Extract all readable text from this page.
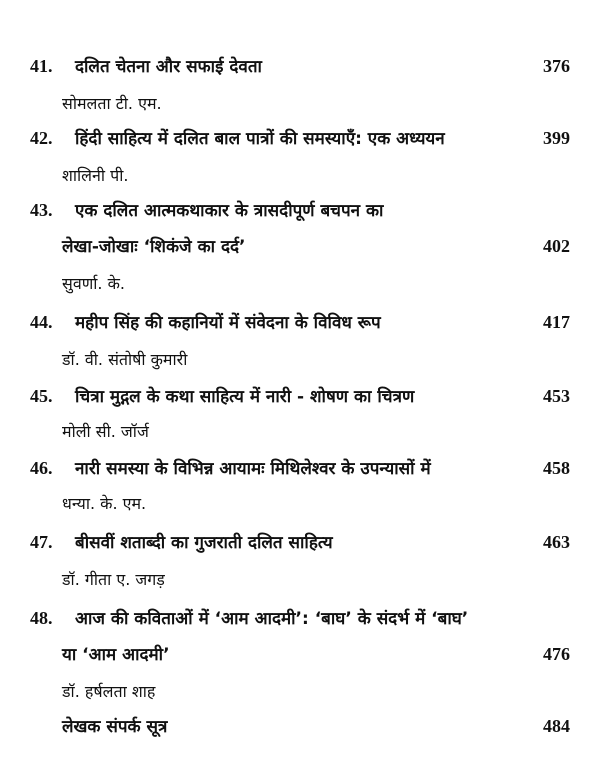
41. दलित चेतना और सफाई देवता	376
सोमलता टी. एम.
42. हिंदी साहित्य में दलित बाल पात्रों की समस्याएँ: एक अध्ययन	399
शालिनी पी.
43. एक दलित आत्मकथाकार के त्रासदीपूर्ण बचपन का
लेखा-जोखाः ‘शिकंजे का दर्द’	402
सुवर्णा. के.
44. महीप सिंह की कहानियों में संवेदना के विविध रूप	417
डॉ. वी. संतोषी कुमारी
45. चित्रा मुद्गल के कथा साहित्य में नारी - शोषण का चित्रण	453
मोली सी. जॉर्ज
46. नारी समस्या के विभिन्न आयामः मिथिलेश्वर के उपन्यासों में	458
धन्या. के. एम.
47. बीसवीं शताब्दी का गुजराती दलित साहित्य	463
डॉ. गीता ए. जगड़
48. आज की कविताओं में ‘आम आदमी’: ‘बाघ’ के संदर्भ में ‘बाघ’
या ‘आम आदमी’	476
डॉ. हर्षलता शाह
लेखक संपर्क सूत्र	484
